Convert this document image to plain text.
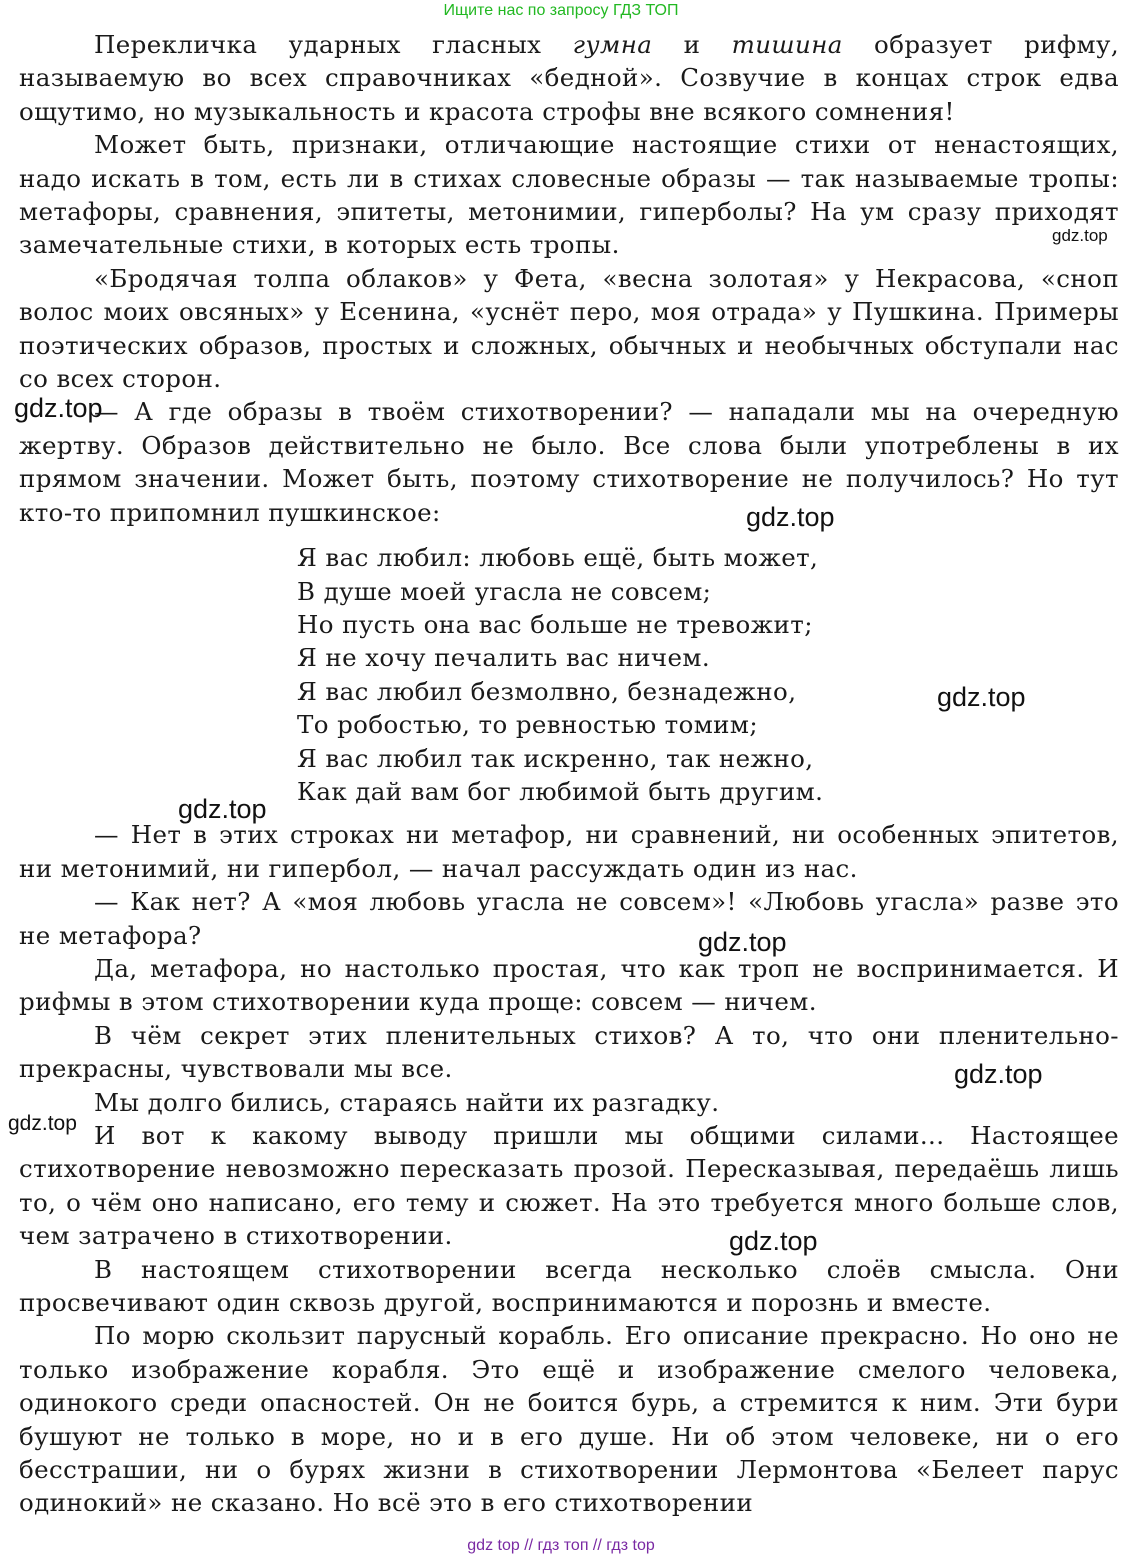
Ищите нас по запросу ГДЗ ТОП

Перекличка ударных гласных гумна и тишина образует рифму, называемую во всех справочниках «бедной». Созвучие в концах строк едва ощутимо, но музыкальность и красота строфы вне всякого сомнения!

Может быть, признаки, отличающие настоящие стихи от ненастоящих, надо искать в том, есть ли в стихах словесные образы — так называемые тропы: метафоры, сравнения, эпитеты, метонимии, гиперболы? На ум сразу приходят замечательные стихи, в которых есть тропы.

«Бродячая толпа облаков» у Фета, «весна золотая» у Некрасова, «сноп волос моих овсяных» у Есенина, «уснёт перо, моя отрада» у Пушкина. Примеры поэтических образов, простых и сложных, обычных и необычных обступали нас со всех сторон.

— А где образы в твоём стихотворении? — нападали мы на очередную жертву. Образов действительно не было. Все слова были употреблены в их прямом значении. Может быть, поэтому стихотворение не получилось? Но тут кто-то припомнил пушкинское:

Я вас любил: любовь ещё, быть может,
В душе моей угасла не совсем;
Но пусть она вас больше не тревожит;
Я не хочу печалить вас ничем.
Я вас любил безмолвно, безнадежно,
То робостью, то ревностью томим;
Я вас любил так искренно, так нежно,
Как дай вам бог любимой быть другим.

— Нет в этих строках ни метафор, ни сравнений, ни особенных эпитетов, ни метонимий, ни гипербол, — начал рассуждать один из нас.

— Как нет? А «моя любовь угасла не совсем»! «Любовь угасла» разве это не метафора?

Да, метафора, но настолько простая, что как троп не воспринимается. И рифмы в этом стихотворении куда проще: совсем — ничем.

В чём секрет этих пленительных стихов? А то, что они пленительно-прекрасны, чувствовали мы все.

Мы долго бились, стараясь найти их разгадку.

И вот к какому выводу пришли мы общими силами... Настоящее стихотворение невозможно пересказать прозой. Пересказывая, передаёшь лишь то, о чём оно написано, его тему и сюжет. На это требуется много больше слов, чем затрачено в стихотворении.

В настоящем стихотворении всегда несколько слоёв смысла. Они просвечивают один сквозь другой, воспринимаются и порознь и вместе.

По морю скользит парусный корабль. Его описание прекрасно. Но оно не только изображение корабля. Это ещё и изображение смелого человека, одинокого среди опасностей. Он не боится бурь, а стремится к ним. Эти бури бушуют не только в море, но и в его душе. Ни об этом человеке, ни о его бесстрашии, ни о бурях жизни в стихотворении Лермонтова «Белеет парус одинокий» не сказано. Но всё это в его стихотворении

gdz.top
gdz.top
gdz.top
gdz.top
gdz.top
gdz.top
gdz.top
gdz.top
gdz.top
gdz top // гдз топ // гдз top
